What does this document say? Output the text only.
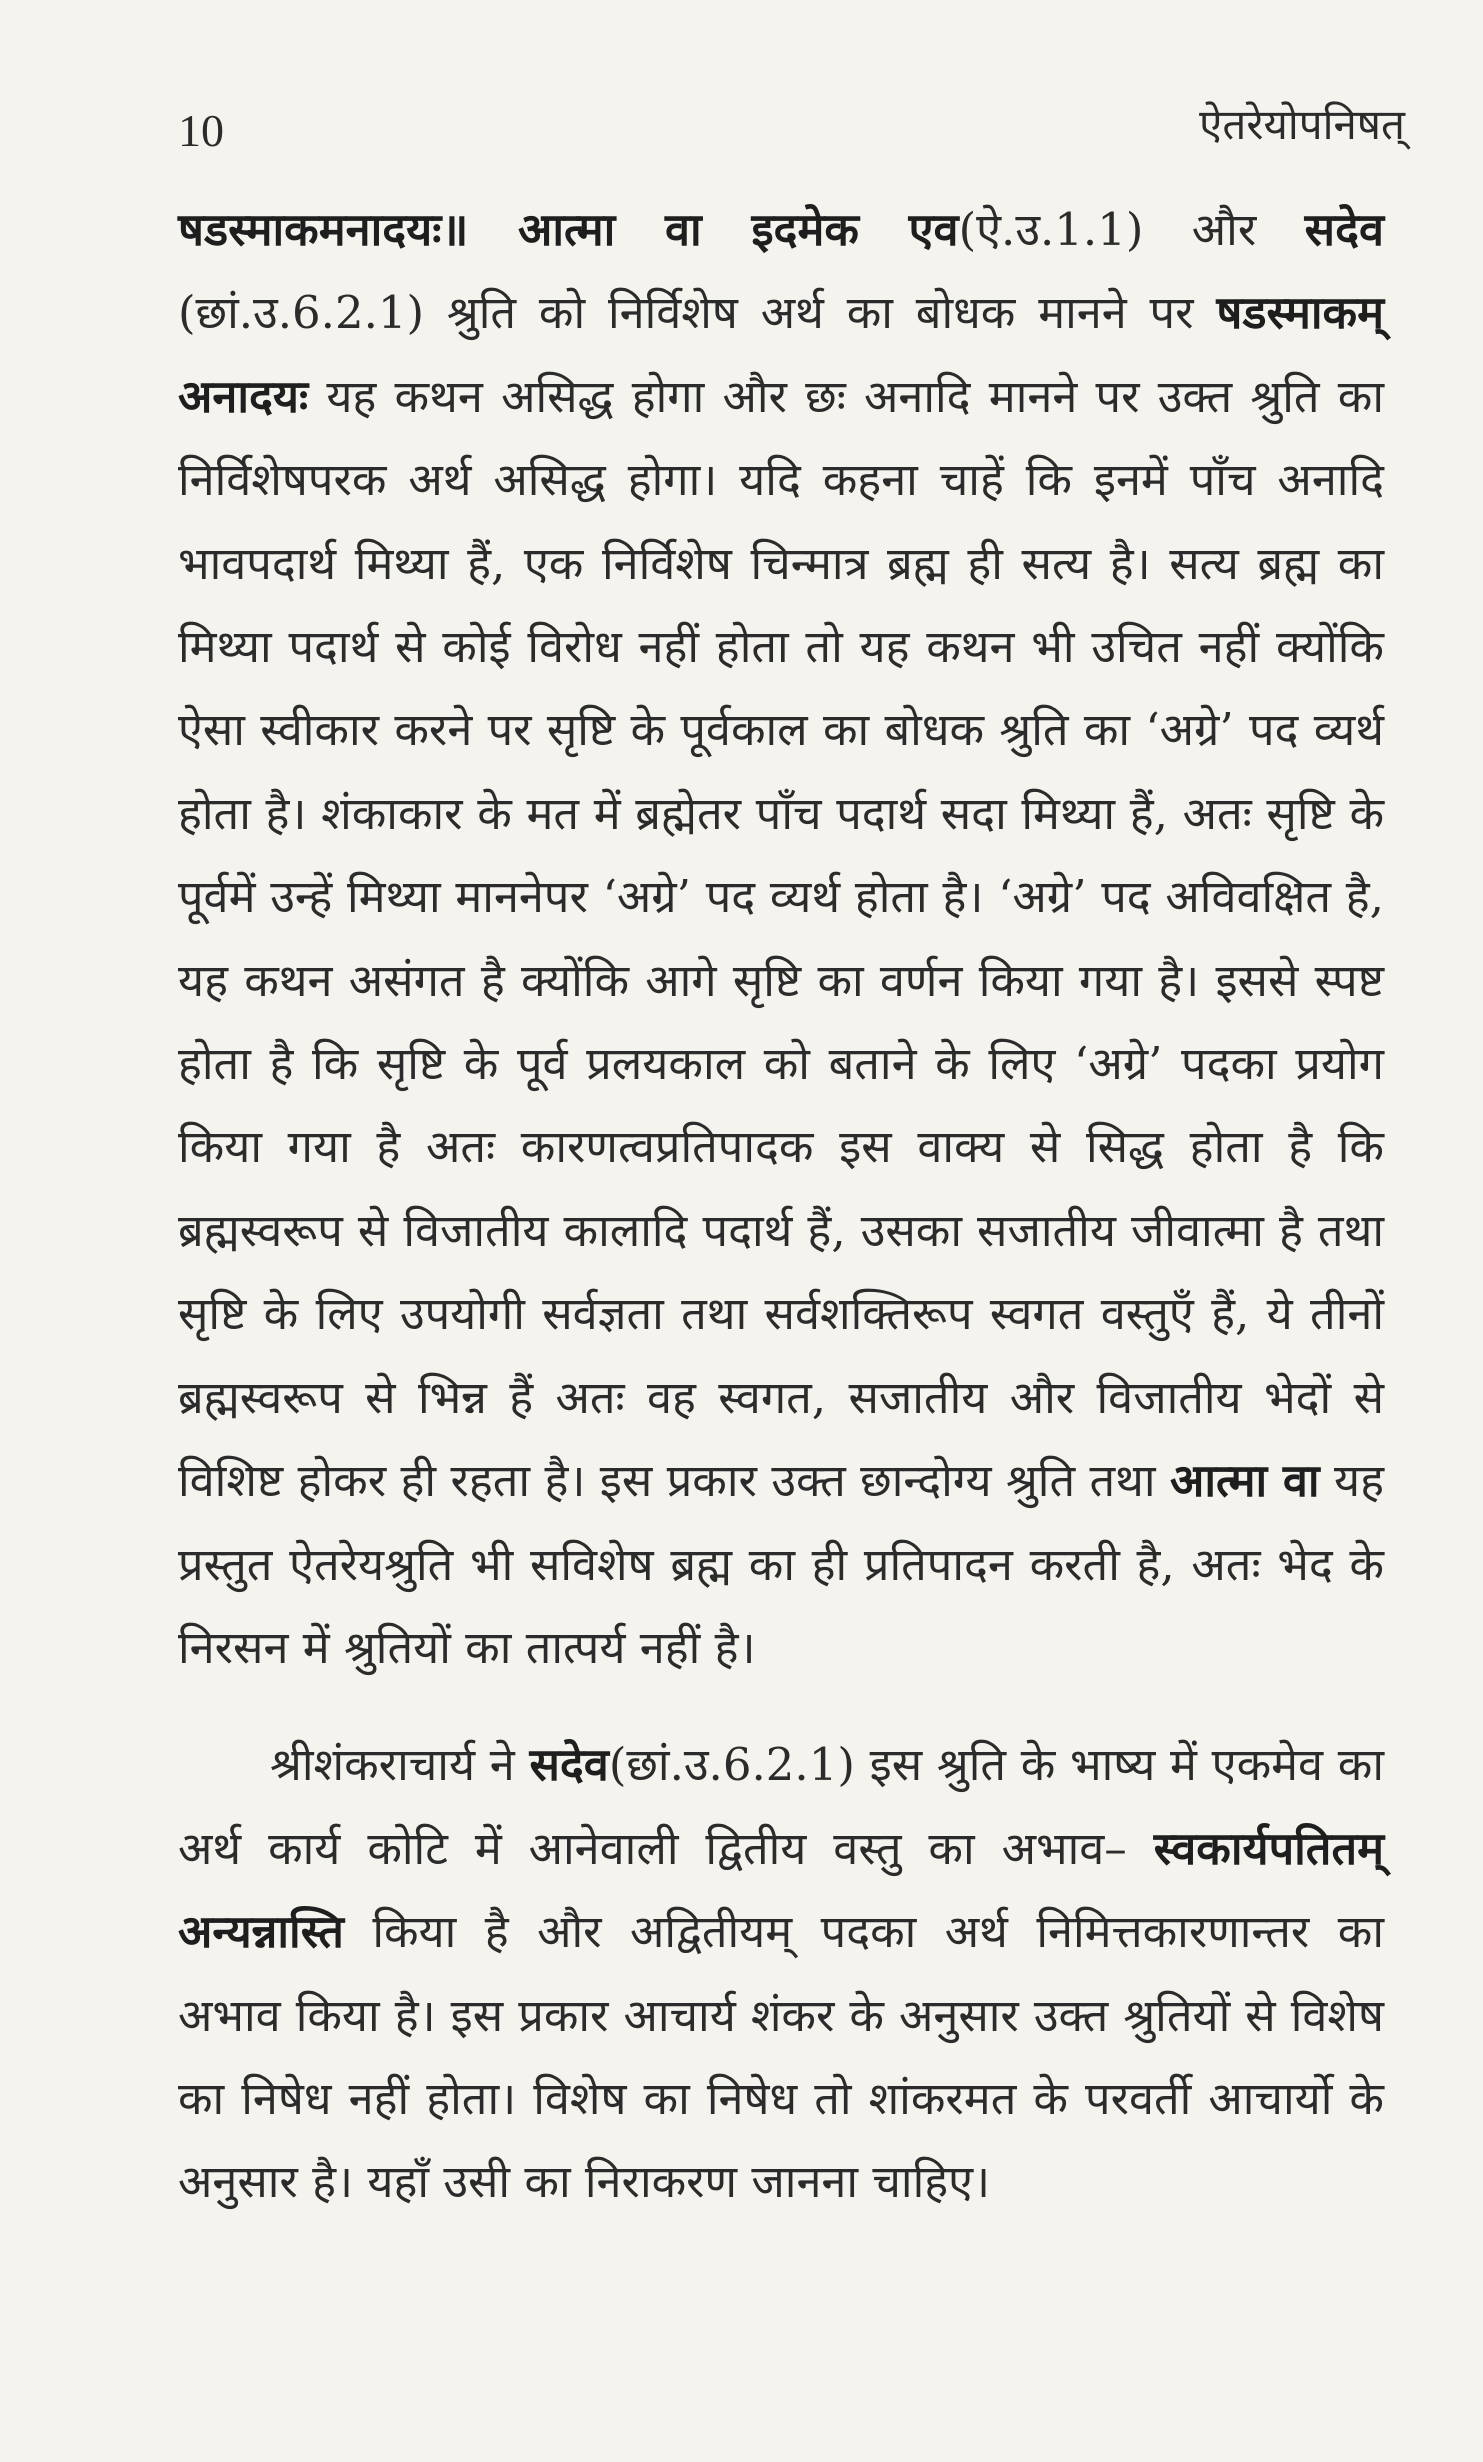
10	ऐतरेयोपनिषत्

षडस्माकमनादयः॥ आत्मा वा इदमेक एव(ऐ.उ.1.1) और सदेव (छां.उ.6.2.1) श्रुति को निर्विशेष अर्थ का बोधक मानने पर षडस्माकम् अनादयः यह कथन असिद्ध होगा और छः अनादि मानने पर उक्त श्रुति का निर्विशेषपरक अर्थ असिद्ध होगा। यदि कहना चाहें कि इनमें पाँच अनादि भावपदार्थ मिथ्या हैं, एक निर्विशेष चिन्मात्र ब्रह्म ही सत्य है। सत्य ब्रह्म का मिथ्या पदार्थ से कोई विरोध नहीं होता तो यह कथन भी उचित नहीं क्योंकि ऐसा स्वीकार करने पर सृष्टि के पूर्वकाल का बोधक श्रुति का ‘अग्रे’ पद व्यर्थ होता है। शंकाकार के मत में ब्रह्मेतर पाँच पदार्थ सदा मिथ्या हैं, अतः सृष्टि के पूर्वमें उन्हें मिथ्या माननेपर ‘अग्रे’ पद व्यर्थ होता है। ‘अग्रे’ पद अविवक्षित है, यह कथन असंगत है क्योंकि आगे सृष्टि का वर्णन किया गया है। इससे स्पष्ट होता है कि सृष्टि के पूर्व प्रलयकाल को बताने के लिए ‘अग्रे’ पदका प्रयोग किया गया है अतः कारणत्वप्रतिपादक इस वाक्य से सिद्ध होता है कि ब्रह्मस्वरूप से विजातीय कालादि पदार्थ हैं, उसका सजातीय जीवात्मा है तथा सृष्टि के लिए उपयोगी सर्वज्ञता तथा सर्वशक्तिरूप स्वगत वस्तुएँ हैं, ये तीनों ब्रह्मस्वरूप से भिन्न हैं अतः वह स्वगत, सजातीय और विजातीय भेदों से विशिष्ट होकर ही रहता है। इस प्रकार उक्त छान्दोग्य श्रुति तथा आत्मा वा यह प्रस्तुत ऐतरेयश्रुति भी सविशेष ब्रह्म का ही प्रतिपादन करती है, अतः भेद के निरसन में श्रुतियों का तात्पर्य नहीं है।

श्रीशंकराचार्य ने सदेव(छां.उ.6.2.1) इस श्रुति के भाष्य में एकमेव का अर्थ कार्य कोटि में आनेवाली द्वितीय वस्तु का अभाव– स्वकार्यपतितम् अन्यन्नास्ति किया है और अद्वितीयम् पदका अर्थ निमित्तकारणान्तर का अभाव किया है। इस प्रकार आचार्य शंकर के अनुसार उक्त श्रुतियों से विशेष का निषेध नहीं होता। विशेष का निषेध तो शांकरमत के परवर्ती आचार्यो के अनुसार है। यहाँ उसी का निराकरण जानना चाहिए।
